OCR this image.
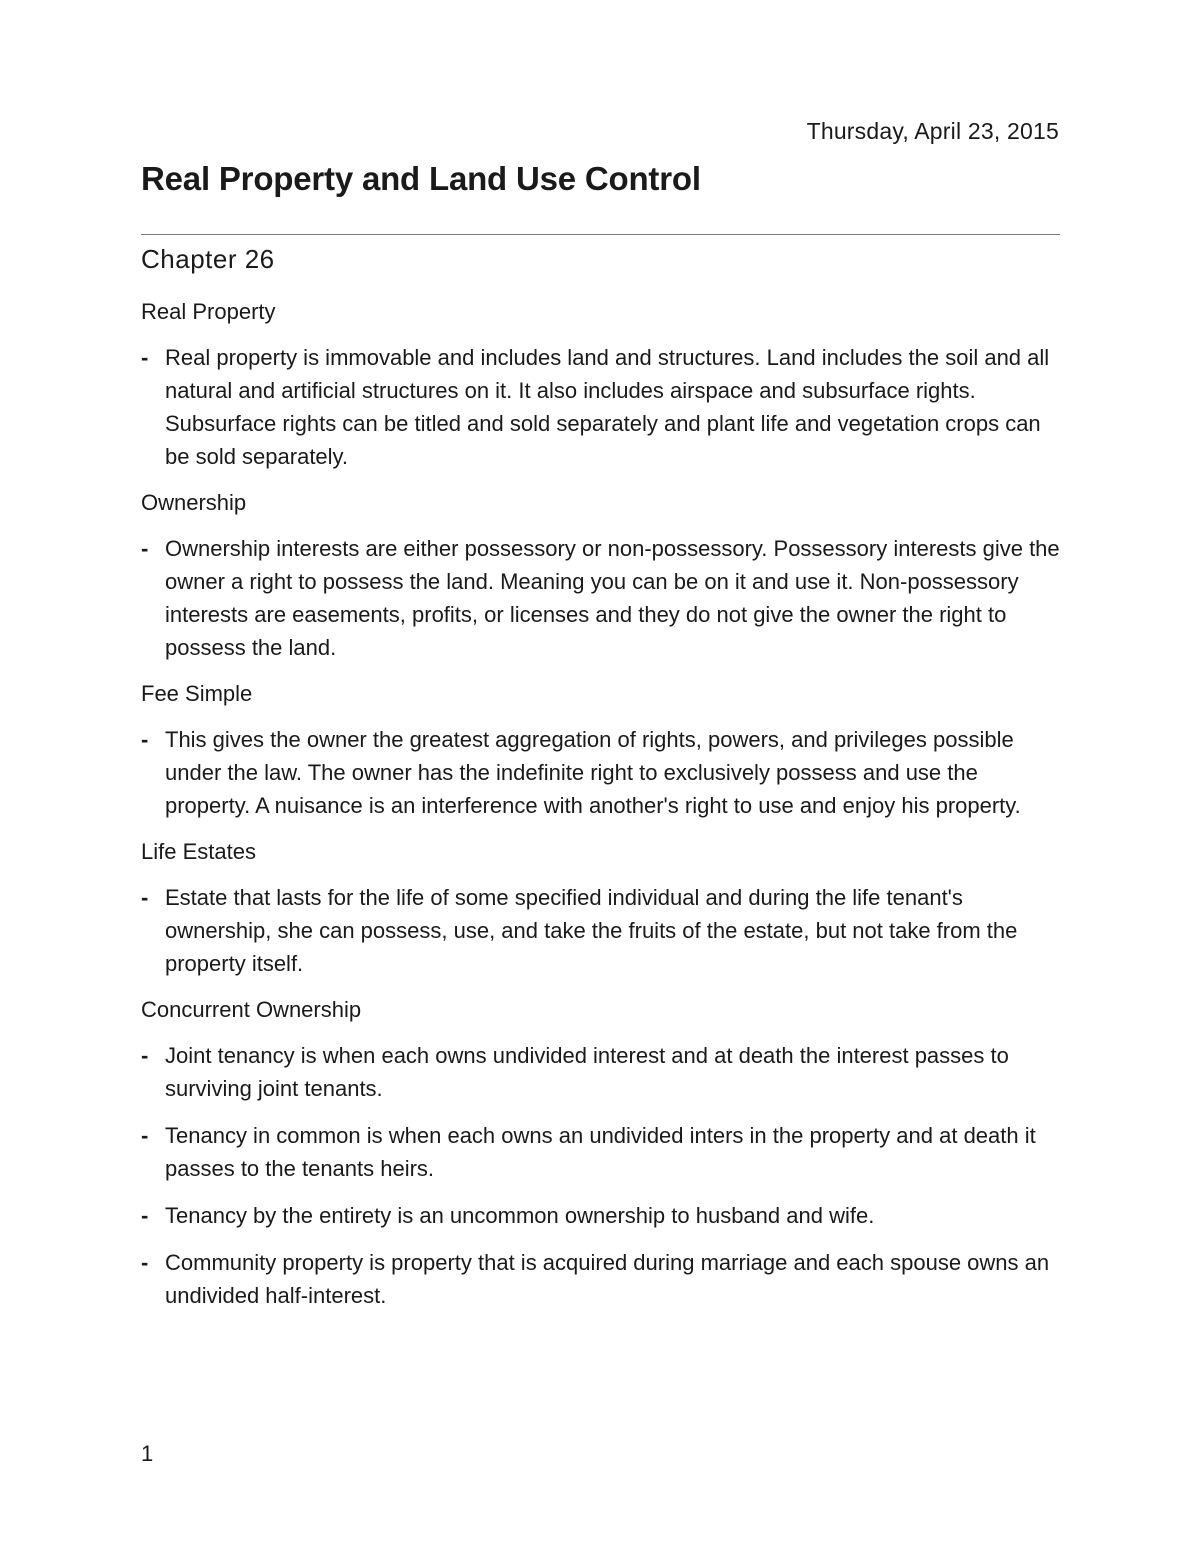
Thursday, April 23, 2015
Real Property and Land Use Control
Chapter 26

Real Property

- Real property is immovable and includes land and structures. Land includes the soil and all natural and artificial structures on it. It also includes airspace and subsurface rights. Subsurface rights can be titled and sold separately and plant life and vegetation crops can be sold separately.

Ownership

- Ownership interests are either possessory or non-possessory. Possessory interests give the owner a right to possess the land. Meaning you can be on it and use it. Non-possessory interests are easements, profits, or licenses and they do not give the owner the right to possess the land.

Fee Simple

- This gives the owner the greatest aggregation of rights, powers, and privileges possible under the law. The owner has the indefinite right to exclusively possess and use the property. A nuisance is an interference with another's right to use and enjoy his property.

Life Estates

- Estate that lasts for the life of some specified individual and during the life tenant's ownership, she can possess, use, and take the fruits of the estate, but not take from the property itself.

Concurrent Ownership

- Joint tenancy is when each owns undivided interest and at death the interest passes to surviving joint tenants.
- Tenancy in common is when each owns an undivided inters in the property and at death it passes to the tenants heirs.
- Tenancy by the entirety is an uncommon ownership to husband and wife.
- Community property is property that is acquired during marriage and each spouse owns an undivided half-interest.
1
